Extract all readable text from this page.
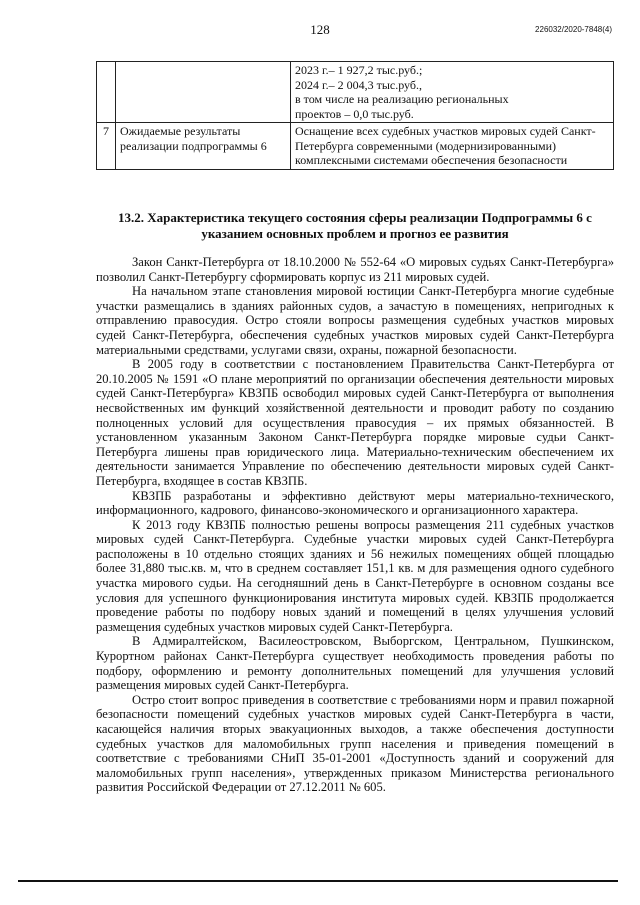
128	226032/2020-7848(4)

		2023 г.– 1 927,2 тыс.руб.;
2024 г.– 2 004,3 тыс.руб.,
в том числе на реализацию региональных
проектов – 0,0 тыс.руб.

7	Ожидаемые результаты реализации подпрограммы 6	Оснащение всех судебных участков мировых судей Санкт-Петербурга современными (модернизированными) комплексными системами обеспечения безопасности
13.2. Характеристика текущего состояния сферы реализации Подпрограммы 6 с указанием основных проблем и прогноз ее развития

Закон Санкт-Петербурга от 18.10.2000 № 552-64 «О мировых судьях Санкт-Петербурга» позволил Санкт-Петербургу сформировать корпус из 211 мировых судей.

На начальном этапе становления мировой юстиции Санкт-Петербурга многие судебные участки размещались в зданиях районных судов, а зачастую в помещениях, непригодных к отправлению правосудия. Остро стояли вопросы размещения судебных участков мировых судей Санкт-Петербурга, обеспечения судебных участков мировых судей Санкт-Петербурга материальными средствами, услугами связи, охраны, пожарной безопасности.

В 2005 году в соответствии с постановлением Правительства Санкт-Петербурга от 20.10.2005 № 1591 «О плане мероприятий по организации обеспечения деятельности мировых судей Санкт-Петербурга» КВЗПБ освободил мировых судей Санкт-Петербурга от выполнения несвойственных им функций хозяйственной деятельности и проводит работу по созданию полноценных условий для осуществления правосудия – их прямых обязанностей. В установленном указанным Законом Санкт-Петербурга порядке мировые судьи Санкт-Петербурга лишены прав юридического лица. Материально-техническим обеспечением их деятельности занимается Управление по обеспечению деятельности мировых судей Санкт-Петербурга, входящее в состав КВЗПБ.

КВЗПБ разработаны и эффективно действуют меры материально-технического, информационного, кадрового, финансово-экономического и организационного характера.

К 2013 году КВЗПБ полностью решены вопросы размещения 211 судебных участков мировых судей Санкт-Петербурга. Судебные участки мировых судей Санкт-Петербурга расположены в 10 отдельно стоящих зданиях и 56 нежилых помещениях общей площадью более 31,880 тыс.кв. м, что в среднем составляет 151,1 кв. м для размещения одного судебного участка мирового судьи. На сегодняшний день в Санкт-Петербурге в основном созданы все условия для успешного функционирования института мировых судей. КВЗПБ продолжается проведение работы по подбору новых зданий и помещений в целях улучшения условий размещения судебных участков мировых судей Санкт-Петербурга.

В Адмиралтейском, Василеостровском, Выборгском, Центральном, Пушкинском, Курортном районах Санкт-Петербурга существует необходимость проведения работы по подбору, оформлению и ремонту дополнительных помещений для улучшения условий размещения мировых судей Санкт-Петербурга.

Остро стоит вопрос приведения в соответствие с требованиями норм и правил пожарной безопасности помещений судебных участков мировых судей Санкт-Петербурга в части, касающейся наличия вторых эвакуационных выходов, а также обеспечения доступности судебных участков для маломобильных групп населения и приведения помещений в соответствие с требованиями СНиП 35-01-2001 «Доступность зданий и сооружений для маломобильных групп населения», утвержденных приказом Министерства регионального развития Российской Федерации от 27.12.2011 № 605.
